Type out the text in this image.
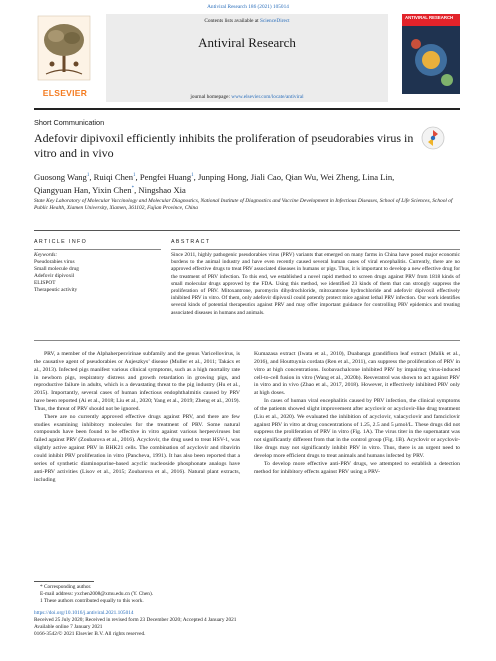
Antiviral Research 186 (2021) 105014
ELSEVIER
Contents lists available at ScienceDirect
Antiviral Research
journal homepage: www.elsevier.com/locate/antiviral
ANTIVIRAL RESEARCH
Short Communication
Adefovir dipivoxil efficiently inhibits the proliferation of pseudorabies virus in vitro and in vivo
Guosong Wang$^1$, Ruiqi Chen$^1$, Pengfei Huang$^1$, Junping Hong, Jiali Cao, Qian Wu, Wei Zheng, Lina Lin, Qiangyuan Han, Yixin Chen*, Ningshao Xia
State Key Laboratory of Molecular Vaccinology and Molecular Diagnostics, National Institute of Diagnostics and Vaccine Development in Infectious Diseases, School of Life Sciences, School of Public Health, Xiamen University, Xiamen, 361102, Fujian Province, China
ARTICLE INFO
Keywords:
Pseudorabies virus
Small molecule drug
Adefovir dipivoxil
ELISPOT
Therapeutic activity
ABSTRACT
Since 2011, highly pathogenic pseudorabies virus (PRV) variants that emerged on many farms in China have posed major economic burdens to the animal industry and have even recently caused several human cases of viral encephalitis. Currently, there are no approved effective drugs to treat PRV associated diseases in humans or pigs. Thus, it is important to develop a new effective drug for the treatment of PRV infection. To this end, we established a novel rapid method to screen drugs against PRV from 1818 kinds of small molecular drugs approved by the FDA. Using this method, we identified 23 kinds of them that can strongly suppress the proliferation of PRV. Mitoxantrone, puromycin dihydrochloride, mitoxantrone hydrochloride and adefovir dipivoxil effectively inhibited PRV in vitro. Of them, only adefovir dipivoxil could potently protect mice against lethal PRV infection. Our work identifies several kinds of potential therapeutics against PRV and may offer important guidance for controlling PRV epidemics and treating associated diseases in humans and animals.

PRV, a member of the Alphaherpesvirinae subfamily and the genus Varicellovirus, is the causative agent of pseudorabies or Aujeszkys’ disease (Muller et al., 2011; Takács et al., 2013). Infected pigs manifest various clinical symptoms, such as a high mortality rate in newborn pigs, respiratory distress and growth retardation in growing pigs, and reproductive failure in adults, which is a devastating threat to the pig industry (Hu et al., 2015). Importantly, several cases of human infectious endophthalmitis caused by PRV have been reported (Ai et al., 2018; Liu et al., 2020; Yang et al., 2019; Zheng et al., 2019). Thus, the threat of PRV should not be ignored.

There are no currently approved effective drugs against PRV, and there are few studies examining inhibitory molecules for the treatment of PRV. Some natural compounds have been found to be effective in vitro against various herpesviruses but failed against PRV (Zoubarova et al., 2016). Acyclovir, the drug used to treat HSV-1, was slightly active against PRV in BHK21 cells. The combination of acyclovir and ribavirin could inhibit PRV proliferation in vitro (Pancheva, 1991). It has also been reported that a series of synthetic diaminopurine-based acyclic nucleoside phosphonate analogs have anti-PRV activities (Lisov et al., 2015; Zoubarova et al., 2016). Natural plant extracts, including

Kumazasa extract (Iwata et al., 2010), Duabanga grandiflora leaf extract (Malik et al., 2016), and Houttuynia cordata (Ren et al., 2011), can suppress the proliferation of PRV in vitro at high concentrations. Isobavachalcone inhibited PRV by impairing virus-induced cell-to-cell fusion in vitro (Wang et al., 2020b). Resveratrol was shown to act against PRV in vitro and in vivo (Zhao et al., 2017, 2018). However, it effectively inhibited PRV only at high doses.

In cases of human viral encephalitis caused by PRV infection, the clinical symptoms of the patients showed slight improvement after acyclovir or acyclovir-like drug treatment (Liu et al., 2020). We evaluated the inhibition of acyclovir, valacyclovir and famciclovir against PRV in vitro at drug concentrations of 1.25, 2.5 and 5 μmol/L. These drugs did not suppress the proliferation of PRV in vitro (Fig. 1A). The virus titer in the supernatant was not significantly different from that in the control group (Fig. 1B). Acyclovir or acyclovir-like drugs may not significantly inhibit PRV in vitro. Thus, there is an urgent need to develop more efficient drugs to treat animals and humans infected by PRV.

To develop more effective anti-PRV drugs, we attempted to establish a detection method for inhibitory effects against PRV using a PRV-

* Corresponding author.
E-mail address: yxchen2008@xmu.edu.cn (Y. Chen).
1 These authors contributed equally to this work.
https://doi.org/10.1016/j.antiviral.2021.105014
Received 25 July 2020; Received in revised form 23 December 2020; Accepted 4 January 2021
Available online 7 January 2021
0166-3542/© 2021 Elsevier B.V. All rights reserved.
